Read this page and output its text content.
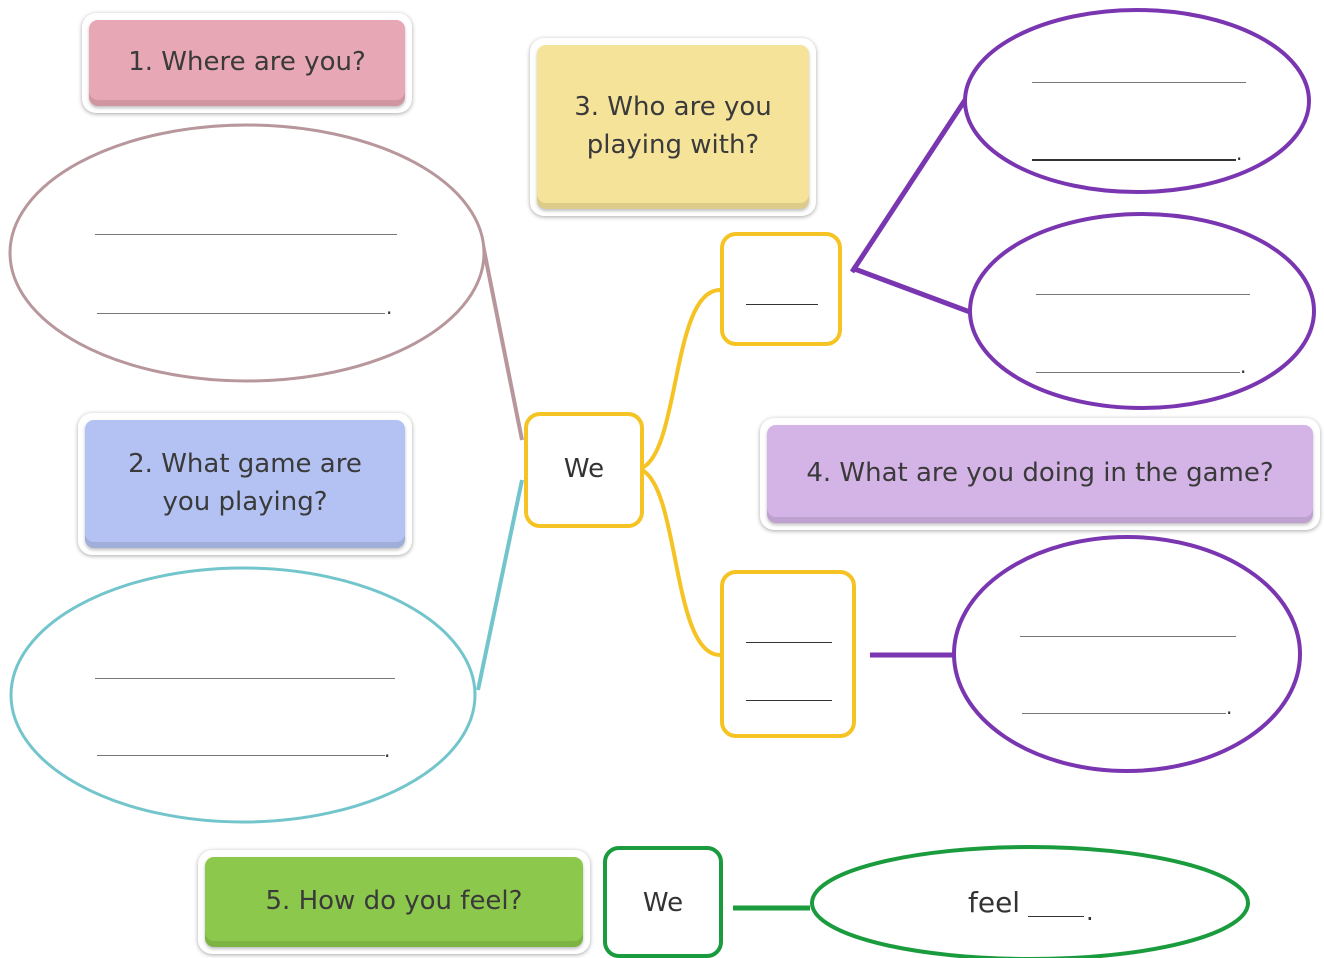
1. Where are you?
2. What game are you playing?
3. Who are you playing with?
4. What are you doing in the game?
5. How do you feel?
We
We
.
.
.
.
.
feel	.
